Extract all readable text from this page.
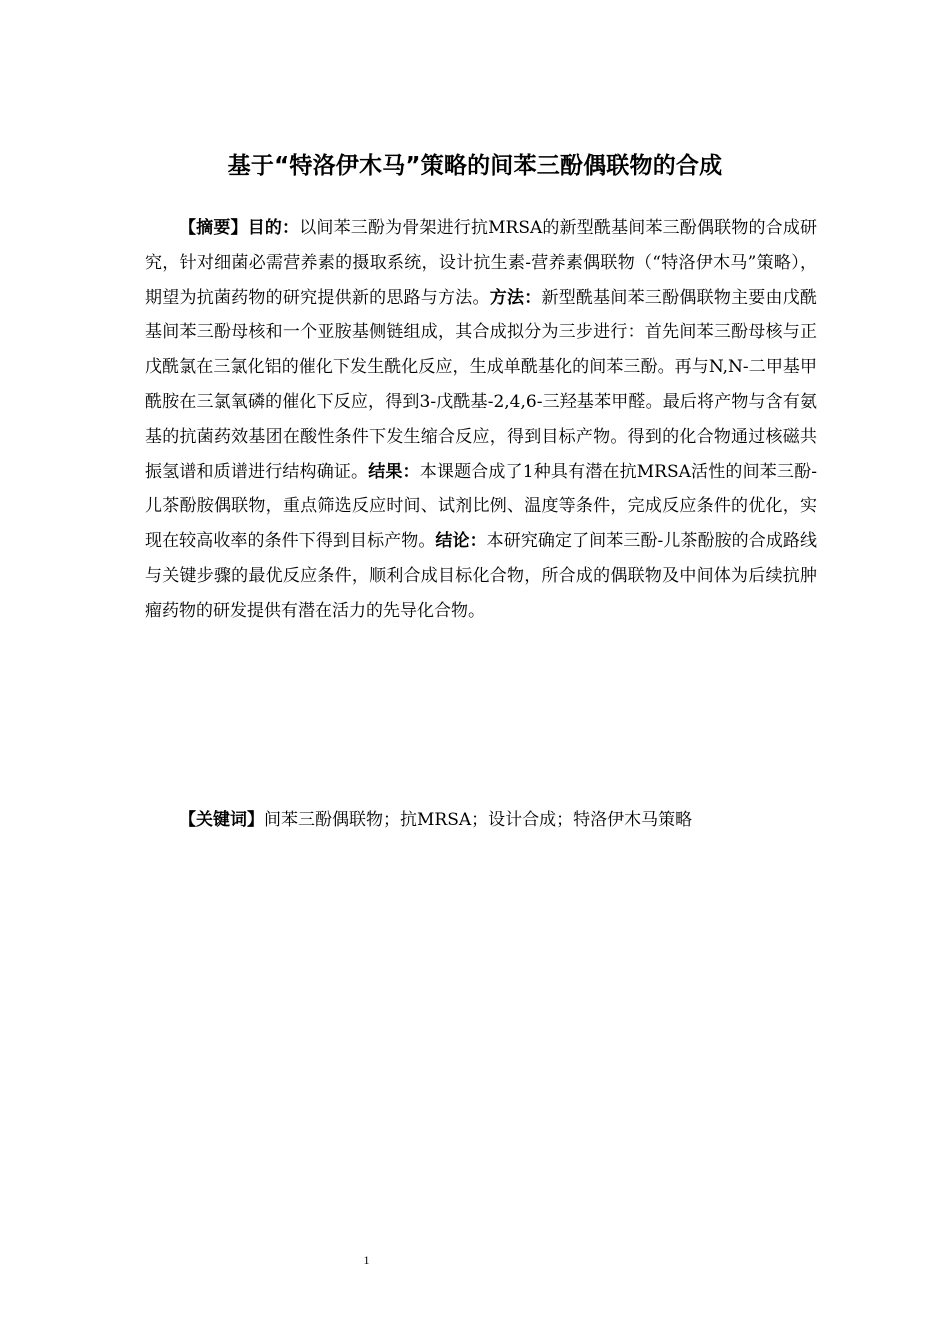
基于“特洛伊木马”策略的间苯三酚偶联物的合成

【摘要】目的：以间苯三酚为骨架进行抗MRSA的新型酰基间苯三酚偶联物的合成研究，针对细菌必需营养素的摄取系统，设计抗生素-营养素偶联物（“特洛伊木马”策略），期望为抗菌药物的研究提供新的思路与方法。方法：新型酰基间苯三酚偶联物主要由戊酰基间苯三酚母核和一个亚胺基侧链组成，其合成拟分为三步进行：首先间苯三酚母核与正戊酰氯在三氯化铝的催化下发生酰化反应，生成单酰基化的间苯三酚。再与N,N-二甲基甲酰胺在三氯氧磷的催化下反应，得到3-戊酰基-2,4,6-三羟基苯甲醛。最后将产物与含有氨基的抗菌药效基团在酸性条件下发生缩合反应，得到目标产物。得到的化合物通过核磁共振氢谱和质谱进行结构确证。结果：本课题合成了1种具有潜在抗MRSA活性的间苯三酚-儿茶酚胺偶联物，重点筛选反应时间、试剂比例、温度等条件，完成反应条件的优化，实现在较高收率的条件下得到目标产物。结论：本研究确定了间苯三酚-儿茶酚胺的合成路线与关键步骤的最优反应条件，顺利合成目标化合物，所合成的偶联物及中间体为后续抗肿瘤药物的研发提供有潜在活力的先导化合物。

【关键词】间苯三酚偶联物；抗MRSA；设计合成；特洛伊木马策略

1
